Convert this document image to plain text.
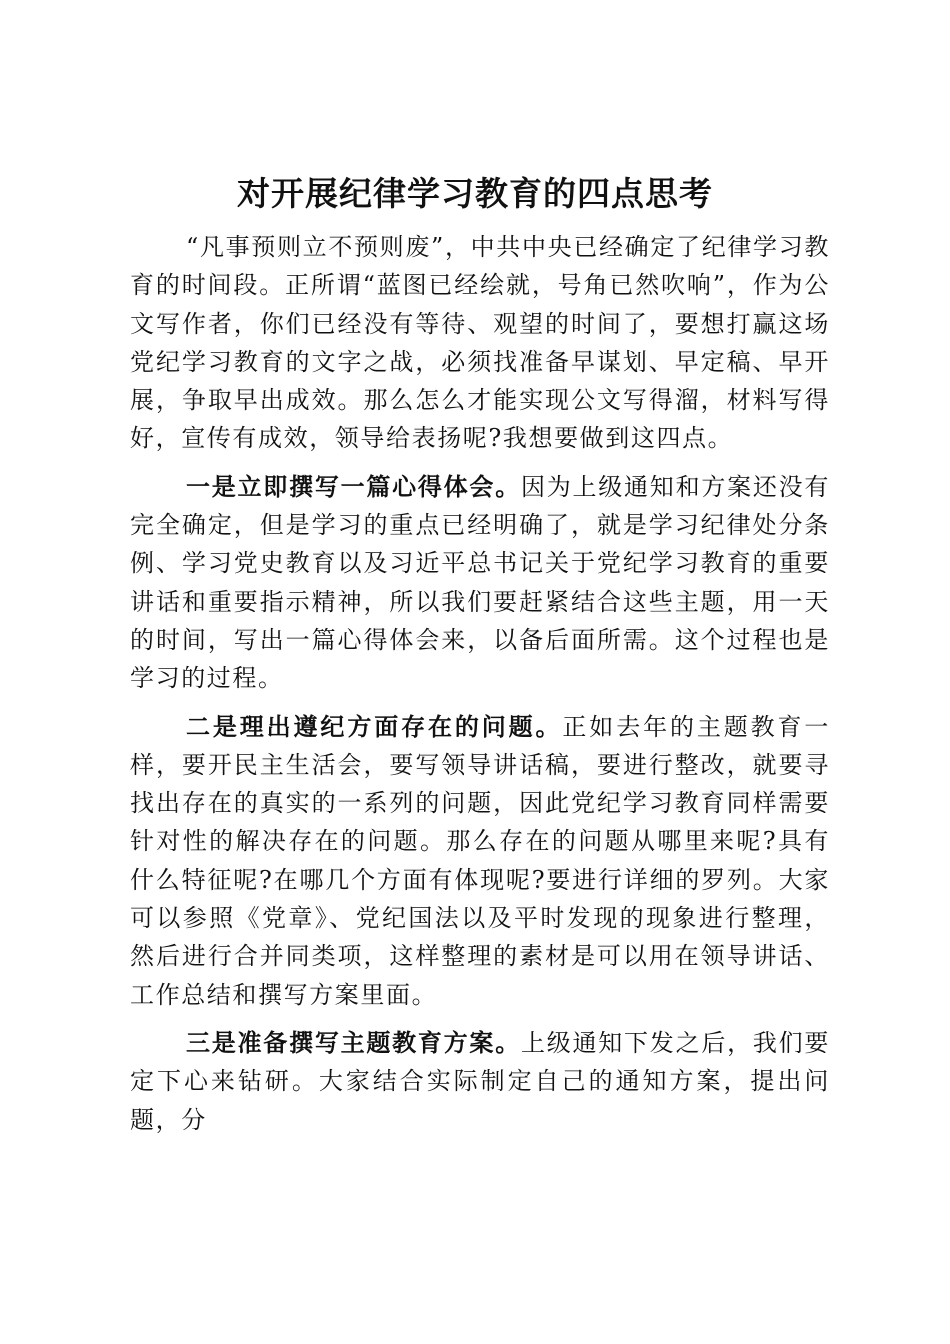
对开展纪律学习教育的四点思考

“凡事预则立不预则废”，中共中央已经确定了纪律学习教育的时间段。正所谓“蓝图已经绘就，号角已然吹响”，作为公文写作者，你们已经没有等待、观望的时间了，要想打赢这场党纪学习教育的文字之战，必须找准备早谋划、早定稿、早开展，争取早出成效。那么怎么才能实现公文写得溜，材料写得好，宣传有成效，领导给表扬呢?我想要做到这四点。

一是立即撰写一篇心得体会。因为上级通知和方案还没有完全确定，但是学习的重点已经明确了，就是学习纪律处分条例、学习党史教育以及习近平总书记关于党纪学习教育的重要讲话和重要指示精神，所以我们要赶紧结合这些主题，用一天的时间，写出一篇心得体会来，以备后面所需。这个过程也是学习的过程。

二是理出遵纪方面存在的问题。正如去年的主题教育一样，要开民主生活会，要写领导讲话稿，要进行整改，就要寻找出存在的真实的一系列的问题，因此党纪学习教育同样需要针对性的解决存在的问题。那么存在的问题从哪里来呢?具有什么特征呢?在哪几个方面有体现呢?要进行详细的罗列。大家可以参照《党章》、党纪国法以及平时发现的现象进行整理，然后进行合并同类项，这样整理的素材是可以用在领导讲话、工作总结和撰写方案里面。

三是准备撰写主题教育方案。上级通知下发之后，我们要定下心来钻研。大家结合实际制定自己的通知方案，提出问题，分
